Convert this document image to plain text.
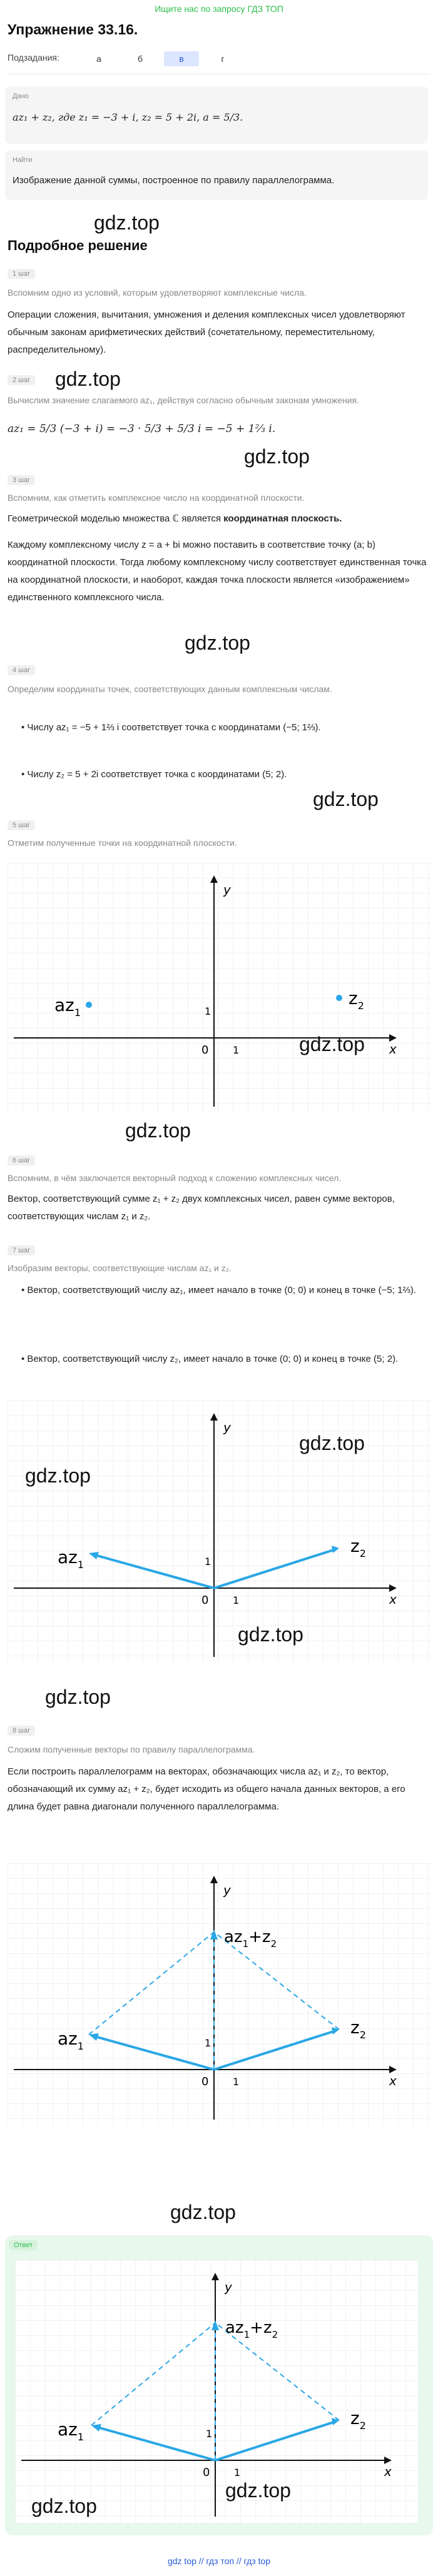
Ищите нас по запросу ГДЗ ТОП
Упражнение 33.16.
Подзадания:	а	б	в	г
Дано
az₁ + z₂, где z₁ = −3 + i, z₂ = 5 + 2i, a = 5/3.
Найти
Изображение данной суммы, построенное по правилу параллелограмма.
gdz.top
Подробное решение
1 шаг
Вспомним одно из условий, которым удовлетворяют комплексные числа.
Операции сложения, вычитания, умножения и деления комплексных чисел удовлетворяют обычным законам арифметических действий (сочетательному, переместительному, распределительному).
2 шаг gdz.top
Вычислим значение слагаемого az₁, действуя согласно обычным законам умножения.
az₁ = 5/3 (−3 + i) = −3 · 5/3 + 5/3 i = −5 + 1⅔ i.
gdz.top
3 шаг
Вспомним, как отметить комплексное число на координатной плоскости.
Геометрической моделью множества ℂ является координатная плоскость.
Каждому комплексному числу z = a + bi можно поставить в соответствие точку (a; b) координатной плоскости. Тогда любому комплексному числу соответствует единственная точка на координатной плоскости, и наоборот, каждая точка плоскости является «изображением» единственного комплексного числа.
gdz.top
4 шаг
Определим координаты точек, соответствующих данным комплексным числам.
• Числу az₁ = −5 + 1⅔ i соответствует точка с координатами (−5; 1⅔).
• Числу z₂ = 5 + 2i соответствует точка с координатами (5; 2).
gdz.top
5 шаг
Отметим полученные точки на координатной плоскости.
x
y
0 1
1
$az_1$
$z_2$
gdz.top
gdz.top
6 шаг
Вспомним, в чём заключается векторный подход к сложению комплексных чисел.
Вектор, соответствующий сумме z₁ + z₂ двух комплексных чисел, равен сумме векторов, соответствующих числам z₁ и z₂.
7 шаг
Изобразим векторы, соответствующие числам az₁ и z₂.
• Вектор, соответствующий числу az₁, имеет начало в точке (0; 0) и конец в точке (−5; 1⅔).
• Вектор, соответствующий числу z₂, имеет начало в точке (0; 0) и конец в точке (5; 2).
x
y
0 1
1
$az_1$
$z_2$
gdz.top
gdz.top
gdz.top
gdz.top
8 шаг
Сложим полученные векторы по правилу параллелограмма.
Если построить параллелограмм на векторах, обозначающих числа az₁ и z₂, то вектор, обозначающий их сумму az₁ + z₂, будет исходить из общего начала данных векторов, а его длина будет равна диагонали полученного параллелограмма.
x
y
0 1
1
$az_1$
$z_2$
$az_1+z_2$
gdz.top
Ответ
x
y
0 1
1
$az_1$
$z_2$
$az_1+z_2$
gdz.top
gdz.top
gdz top // гдз топ // гдз top
